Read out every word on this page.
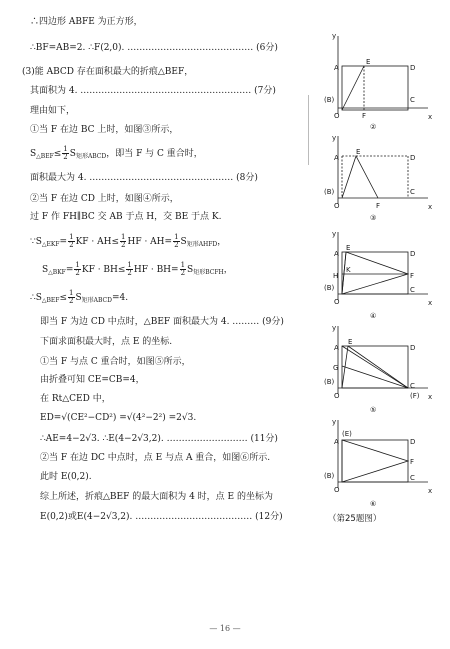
∴四边形 ABFE 为正方形，
∴BF=AB=2. ∴F(2,0). …………………………………… (6分)
(3)能 ABCD 存在面积最大的折痕△BEF，
其面积为 4. ………………………………………………… (7分)
理由如下，
①当 F 在边 BC 上时，如图③所示，
$S_{\triangle BEF}\le \frac{1}{2} S_{矩形ABCD}$，即当 F 与 C 重合时，
面积最大为 4. ………………………………………… (8分)
②当 F 在边 CD 上时，如图④所示，
过 F 作 FH∥BC 交 AB 于点 H，交 BE 于点 K.
$\because S_{\triangle EKF}= \frac{1}{2}$ KF · $AH\le \frac{1}{2}$ HF · $AH= \frac{1}{2} S_{矩形AHFD}$，
$S_{\triangle BKF}= \frac{1}{2}$ KF · $BH\le \frac{1}{2}$ HF · $BH= \frac{1}{2} S_{矩形BCFH}$，
$\therefore S_{\triangle BEF}\le \frac{1}{2} S_{矩形ABCD}=4$.
即当 F 为边 CD 中点时，△BEF 面积最大为 4. ……… (9分)
下面求面积最大时，点 E 的坐标.
①当 F 与点 C 重合时，如图⑤所示，
由折叠可知 CE=CB=4，
在 Rt△CED 中，
ED=√(CE²−CD²) =√(4²−2²) =2√3.
∴AE=4−2√3. ∴E(4−2√3,2). ……………………… (11分)
②当 F 在边 DC 中点时，点 E 与点 A 重合，如图⑥所示.
此时 E(0,2).
综上所述，折痕△BEF 的最大面积为 4 时，点 E 的坐标为
E(0,2)或E(4−2√3,2). ………………………………… (12分)
y
x
A
E
D
(B)
O	F
C
②
y
x
A
E
D
(B)
O	F
C
③
y
x
A
E
D
H
K
F
(B)
O
C
④
y
x
A
E
D
G
(B)
O
C
(F)
⑤
y
x
(E)
A	D
F
(B)
O
C
⑥
（第25题图）
— 16 —
